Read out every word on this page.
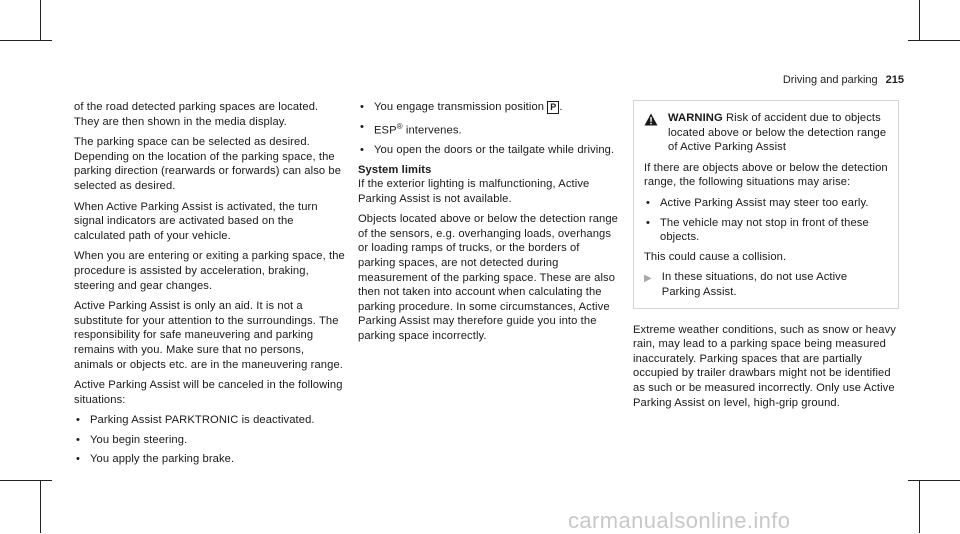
Driving and parking 215

of the road detected parking spaces are located. They are then shown in the media display.

The parking space can be selected as desired. Depending on the location of the parking space, the parking direction (rearwards or forwards) can also be selected as desired.

When Active Parking Assist is activated, the turn signal indicators are activated based on the calculated path of your vehicle.

When you are entering or exiting a parking space, the procedure is assisted by acceleration, braking, steering and gear changes.

Active Parking Assist is only an aid. It is not a substitute for your attention to the surroundings. The responsibility for safe maneuvering and parking remains with you. Make sure that no persons, animals or objects etc. are in the maneuvering range.

Active Parking Assist will be canceled in the following situations:

• Parking Assist PARKTRONIC is deactivated.
• You begin steering.
• You apply the parking brake.
• You engage transmission position P .
• ESP® intervenes.
• You open the doors or the tailgate while driving.

System limits

If the exterior lighting is malfunctioning, Active Parking Assist is not available.

Objects located above or below the detection range of the sensors, e.g. overhanging loads, overhangs or loading ramps of trucks, or the borders of parking spaces, are not detected during measurement of the parking space. These are also then not taken into account when calculating the parking procedure. In some circumstances, Active Parking Assist may therefore guide you into the parking space incorrectly.

WARNING Risk of accident due to objects located above or below the detection range of Active Parking Assist

If there are objects above or below the detection range, the following situations may arise:

• Active Parking Assist may steer too early.
• The vehicle may not stop in front of these objects.

This could cause a collision.

▶ In these situations, do not use Active Parking Assist.

Extreme weather conditions, such as snow or heavy rain, may lead to a parking space being measured inaccurately. Parking spaces that are partially occupied by trailer drawbars might not be identified as such or be measured incorrectly. Only use Active Parking Assist on level, high-grip ground.

carmanualsonline.info
